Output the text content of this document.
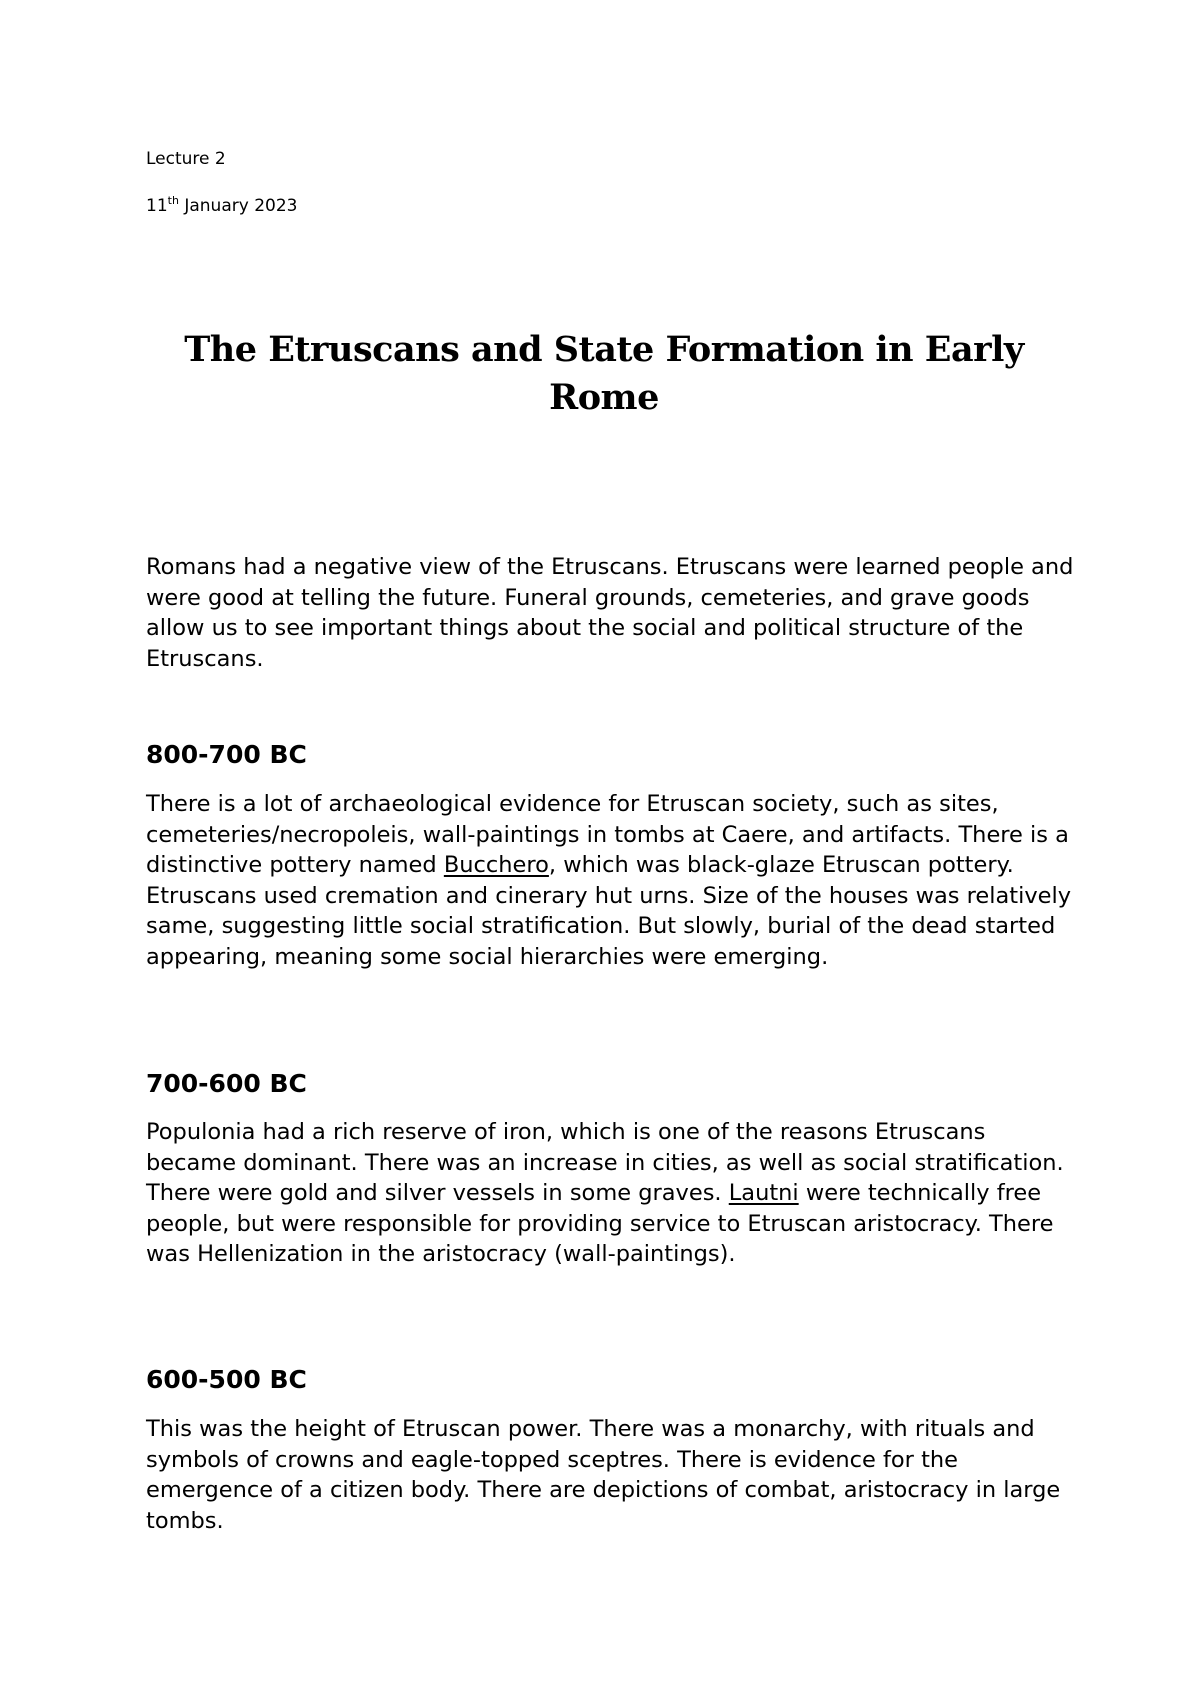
Lecture 2

11th January 2023

The Etruscans and State Formation in Early Rome

Romans had a negative view of the Etruscans. Etruscans were learned people and were good at telling the future. Funeral grounds, cemeteries, and grave goods allow us to see important things about the social and political structure of the Etruscans.

800-700 BC

There is a lot of archaeological evidence for Etruscan society, such as sites, cemeteries/necropoleis, wall-paintings in tombs at Caere, and artifacts. There is a distinctive pottery named Bucchero, which was black-glaze Etruscan pottery. Etruscans used cremation and cinerary hut urns. Size of the houses was relatively same, suggesting little social stratification. But slowly, burial of the dead started appearing, meaning some social hierarchies were emerging.

700-600 BC

Populonia had a rich reserve of iron, which is one of the reasons Etruscans became dominant. There was an increase in cities, as well as social stratification. There were gold and silver vessels in some graves. Lautni were technically free people, but were responsible for providing service to Etruscan aristocracy. There was Hellenization in the aristocracy (wall-paintings).

600-500 BC

This was the height of Etruscan power. There was a monarchy, with rituals and symbols of crowns and eagle-topped sceptres. There is evidence for the emergence of a citizen body. There are depictions of combat, aristocracy in large tombs.
